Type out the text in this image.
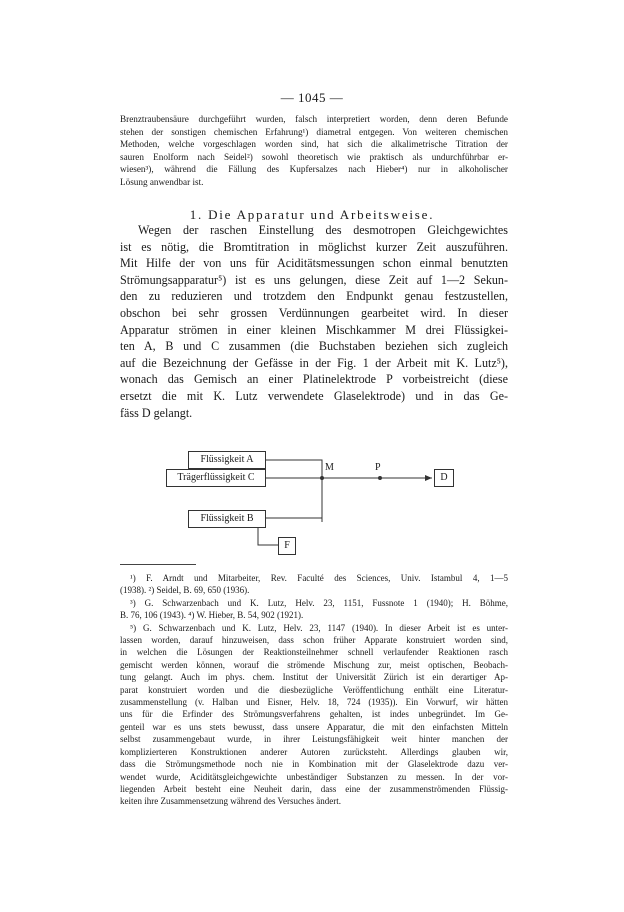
— 1045 —
Brenztraubensäure durchgeführt wurden, falsch interpretiert worden, denn deren Befunde
stehen der sonstigen chemischen Erfahrung¹) diametral entgegen. Von weiteren chemischen
Methoden, welche vorgeschlagen worden sind, hat sich die alkalimetrische Titration der
sauren Enolform nach Seidel²) sowohl theoretisch wie praktisch als undurchführbar er-
wiesen³), während die Fällung des Kupfersalzes nach Hieber⁴) nur in alkoholischer
Lösung anwendbar ist.
1. Die Apparatur und Arbeitsweise.
Wegen der raschen Einstellung des desmotropen Gleichgewichtes
ist es nötig, die Bromtitration in möglichst kurzer Zeit auszuführen.
Mit Hilfe der von uns für Aciditätsmessungen schon einmal benutzten
Strömungsapparatur⁵) ist es uns gelungen, diese Zeit auf 1—2 Sekun-
den zu reduzieren und trotzdem den Endpunkt genau festzustellen,
obschon bei sehr grossen Verdünnungen gearbeitet wird. In dieser
Apparatur strömen in einer kleinen Mischkammer M drei Flüssigkei-
ten A, B und C zusammen (die Buchstaben beziehen sich zugleich
auf die Bezeichnung der Gefässe in der Fig. 1 der Arbeit mit K. Lutz⁵),
wonach das Gemisch an einer Platinelektrode P vorbeistreicht (diese
ersetzt die mit K. Lutz verwendete Glaselektrode) und in das Ge-
fäss D gelangt.
Flüssigkeit A
Trägerflüssigkeit C
Flüssigkeit B
D
F
M	P
¹) F. Arndt und Mitarbeiter, Rev. Faculté des Sciences, Univ. Istambul 4, 1—5
(1938). ²) Seidel, B. 69, 650 (1936).
³) G. Schwarzenbach und K. Lutz, Helv. 23, 1151, Fussnote 1 (1940); H. Böhme,
B. 76, 106 (1943). ⁴) W. Hieber, B. 54, 902 (1921).
⁵) G. Schwarzenbach und K. Lutz, Helv. 23, 1147 (1940). In dieser Arbeit ist es unter-
lassen worden, darauf hinzuweisen, dass schon früher Apparate konstruiert worden sind,
in welchen die Lösungen der Reaktionsteilnehmer schnell verlaufender Reaktionen rasch
gemischt werden können, worauf die strömende Mischung zur, meist optischen, Beobach-
tung gelangt. Auch im phys. chem. Institut der Universität Zürich ist ein derartiger Ap-
parat konstruiert worden und die diesbezügliche Veröffentlichung enthält eine Literatur-
zusammenstellung (v. Halban und Eisner, Helv. 18, 724 (1935)). Ein Vorwurf, wir hätten
uns für die Erfinder des Strömungsverfahrens gehalten, ist indes unbegründet. Im Ge-
genteil war es uns stets bewusst, dass unsere Apparatur, die mit den einfachsten Mitteln
selbst zusammengebaut wurde, in ihrer Leistungsfähigkeit weit hinter manchen der
komplizierteren Konstruktionen anderer Autoren zurücksteht. Allerdings glauben wir,
dass die Strömungsmethode noch nie in Kombination mit der Glaselektrode dazu ver-
wendet wurde, Aciditätsgleichgewichte unbeständiger Substanzen zu messen. In der vor-
liegenden Arbeit besteht eine Neuheit darin, dass eine der zusammenströmenden Flüssig-
keiten ihre Zusammensetzung während des Versuches ändert.
